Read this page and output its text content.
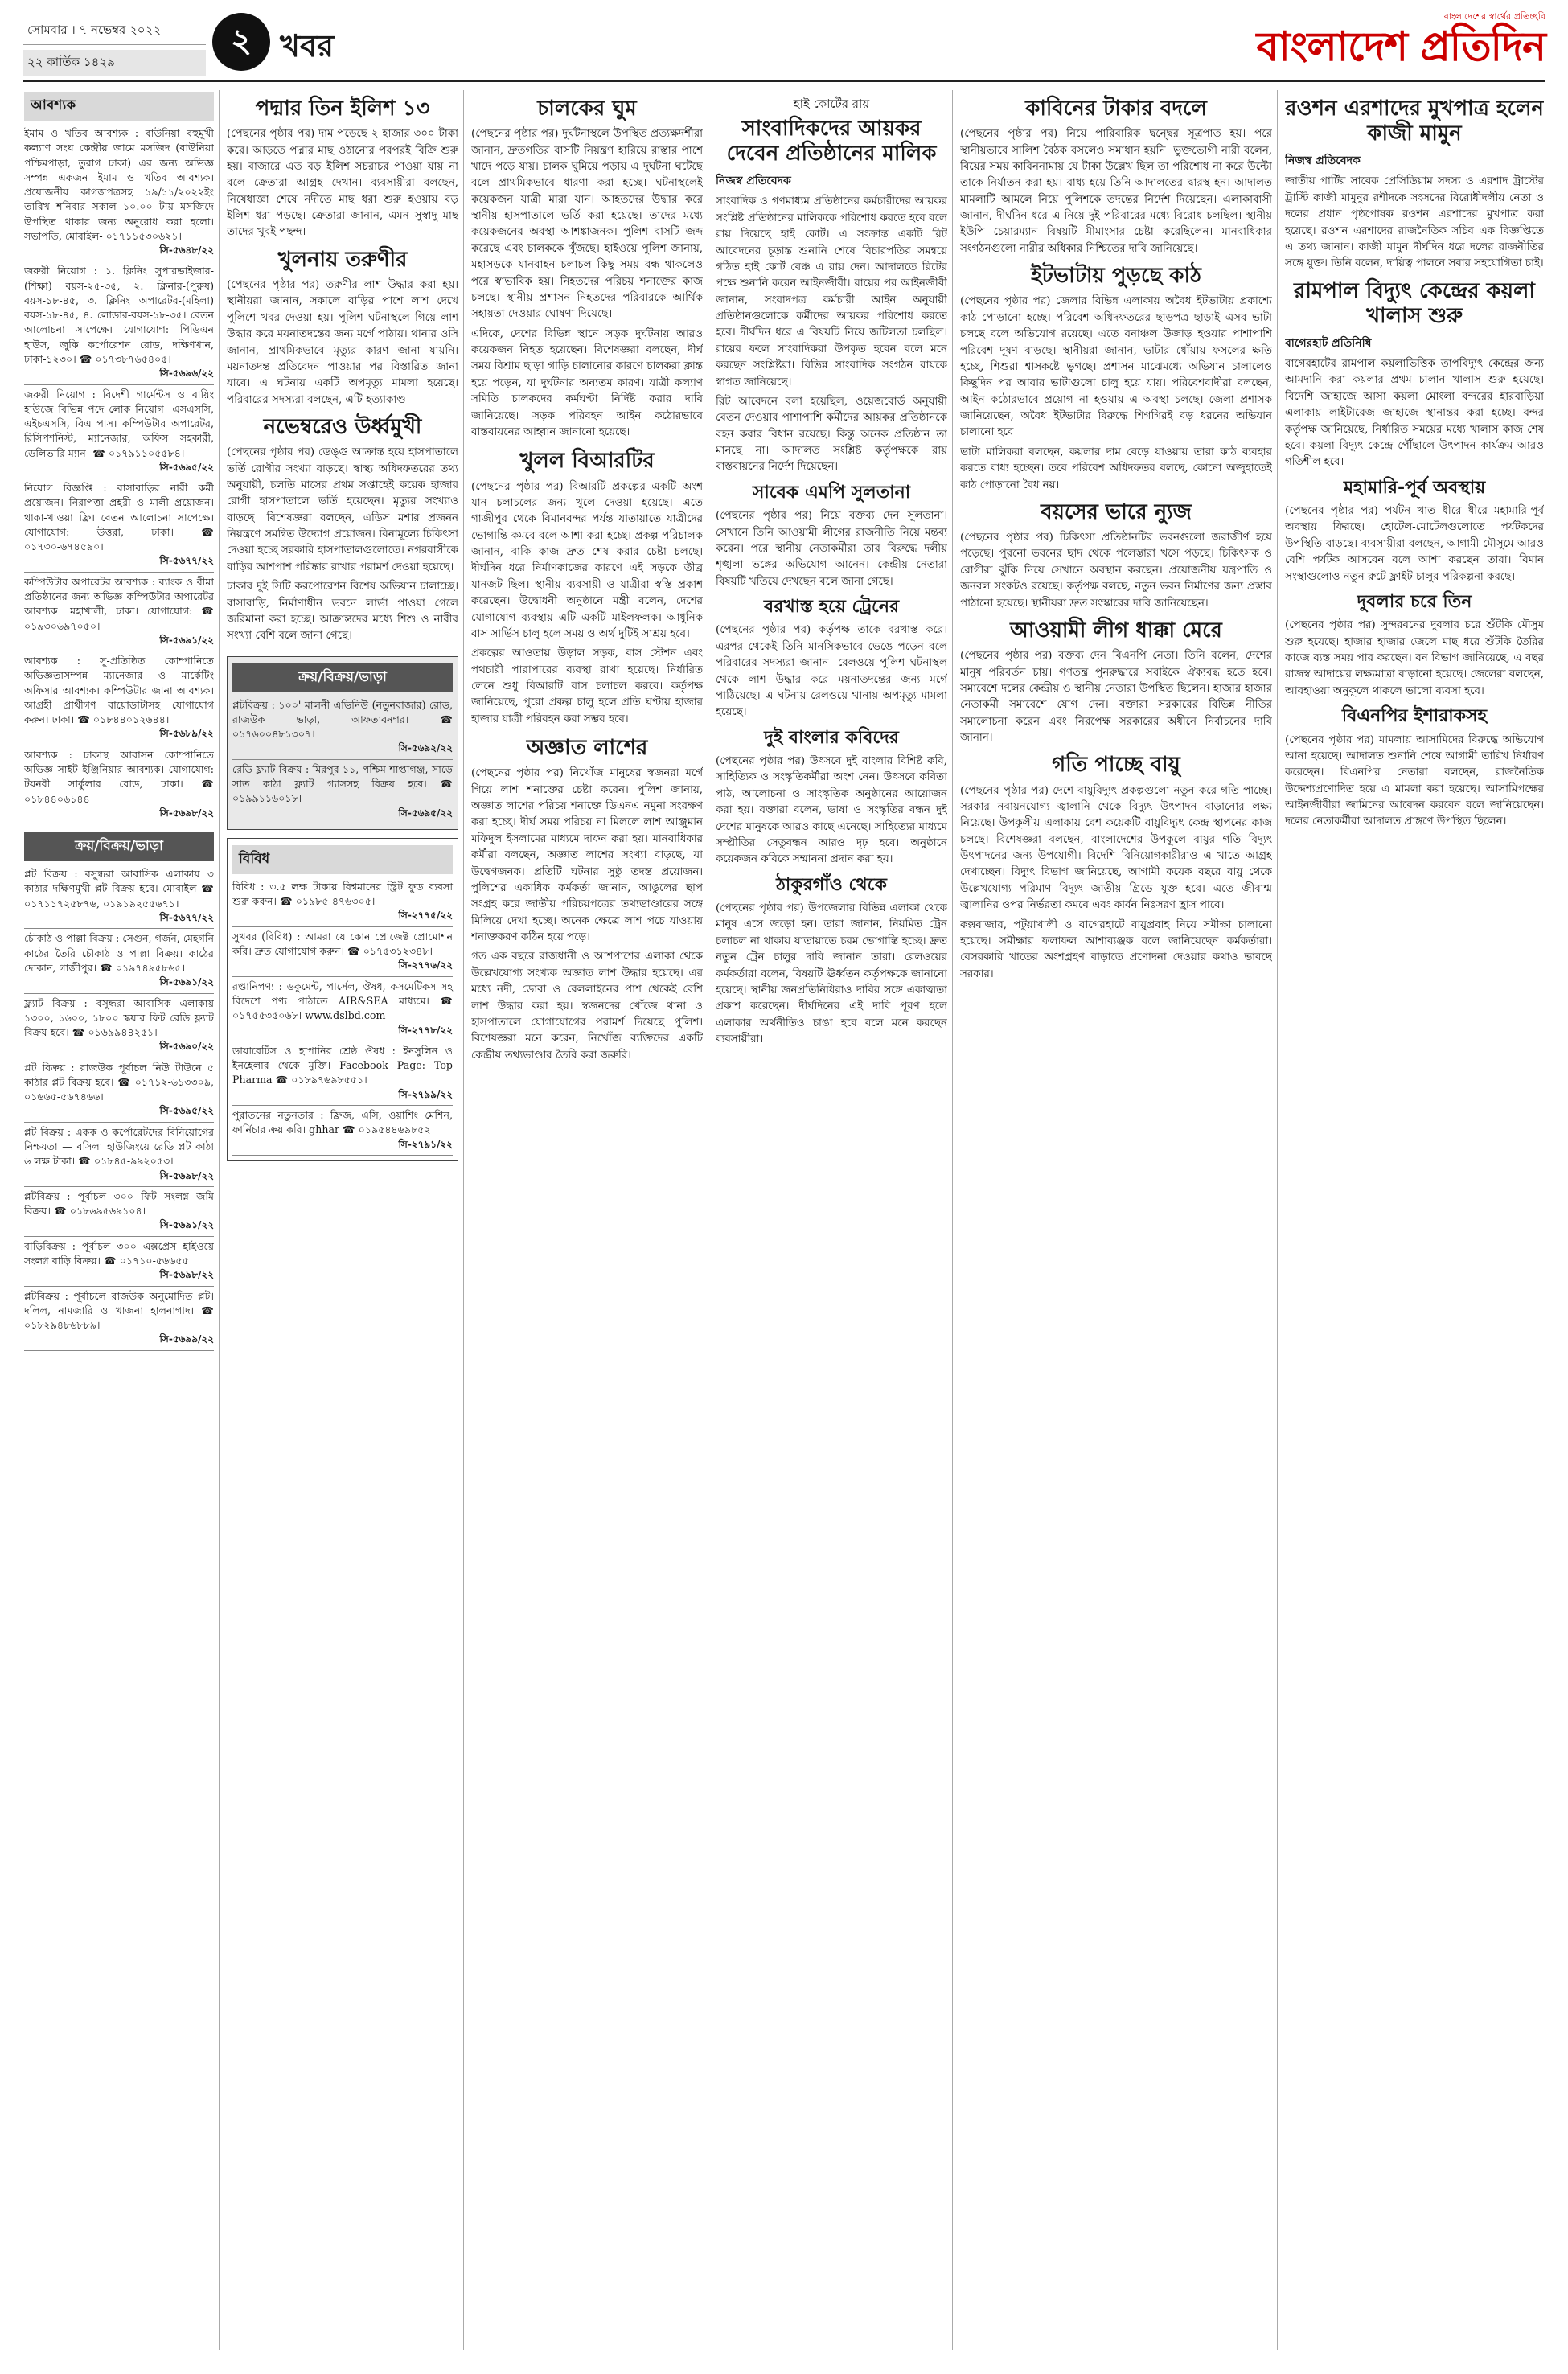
সোমবার । ৭ নভেম্বর ২০২২
২২ কার্তিক ১৪২৯
২ খবর
বাংলাদেশের স্বার্থের প্রতিচ্ছবি
বাংলাদেশ প্রতিদিন
আবশ্যক
ইমাম ও খতিব আবশ্যক : বাউনিয়া বহুমুখী কল্যাণ সংঘ কেন্দ্রীয় জামে মসজিদ (বাউনিয়া পশ্চিমপাড়া, তুরাগ ঢাকা) এর জন্য অভিজ্ঞ সম্পন্ন একজন ইমাম ও খতিব আবশ্যক। প্রয়োজনীয় কাগজপত্রসহ ১৯/১১/২০২২ইং তারিখ শনিবার সকাল ১০.০০ টায় মসজিদে উপস্থিত থাকার জন্য অনুরোধ করা হলো। সভাপতি, মোবাইল- ০১৭১১৫৩০৬২১।
সি-৫৬৪৮/২২
জরুরী নিয়োগ : ১. ক্লিনিং সুপারভাইজার-(শিক্ষা) বয়স-২৫-৩৫, ২. ক্লিনার-(পুরুষ) বয়স-১৮-৪৫, ৩. ক্লিনিং অপারেটর-(মহিলা) বয়স-১৮-৪৫, ৪. লোডার-বয়স-১৮-৩৫। বেতন আলোচনা সাপেক্ষে। যোগাযোগ: পিডিএন হাউস, জুকি কর্পোরেশন রোড, দক্ষিণখান, ঢাকা-১২৩০। ☎ ০১৭৩৮৭৬৫৪০৫।
সি-৫৬৯৬/২২
জরুরী নিয়োগ : বিদেশী গার্মেন্টস ও বায়িং হাউজে বিভিন্ন পদে লোক নিয়োগ। এসএসসি, এইচএসসি, বিএ পাস। কম্পিউটার অপারেটর, রিসিপশনিস্ট, ম্যানেজার, অফিস সহকারী, ডেলিভারি ম্যান। ☎ ০১৭৯১১০৫৫৮৪।
সি-৫৬৯৫/২২
নিয়োগ বিজ্ঞপ্তি : বাসাবাড়ির নারী কর্মী প্রয়োজন। নিরাপত্তা প্রহরী ও মালী প্রয়োজন। থাকা-খাওয়া ফ্রি। বেতন আলোচনা সাপেক্ষে। যোগাযোগ: উত্তরা, ঢাকা। ☎ ০১৭৩০-৬৭৪৫৯০।
সি-৫৬৭৭/২২
কম্পিউটার অপারেটর আবশ্যক : ব্যাংক ও বীমা প্রতিষ্ঠানের জন্য অভিজ্ঞ কম্পিউটার অপারেটর আবশ্যক। মহাখালী, ঢাকা। যোগাযোগ: ☎ ০১৯৩০৬৯৭০৫০।
সি-৫৬৯১/২২
আবশ্যক : সু-প্রতিষ্ঠিত কোম্পানিতে অভিজ্ঞতাসম্পন্ন ম্যানেজার ও মার্কেটিং অফিসার আবশ্যক। কম্পিউটার জানা আবশ্যক। আগ্রহী প্রার্থীগণ বায়োডাটাসহ যোগাযোগ করুন। ঢাকা। ☎ ০১৮৪৪০১২৬৪৪।
সি-৫৬৮৯/২২
আবশ্যক : ঢাকাস্থ আবাসন কোম্পানিতে অভিজ্ঞ সাইট ইঞ্জিনিয়ার আবশ্যক। যোগাযোগ: টয়নবী সার্কুলার রোড, ঢাকা। ☎ ০১৮৪৪০৬১৪৪।
সি-৫৬৯৮/২২
ক্রয়/বিক্রয়/ভাড়া
প্লট বিক্রয় : বসুন্ধরা আবাসিক এলাকায় ৩ কাঠার দক্ষিণমুখী প্লট বিক্রয় হবে। মোবাইল ☎ ০১৭১১৭২৫৮৭৬, ০১৯১৯২৫৫৬৭১।
সি-৫৬৭৭/২২
চৌকাঠ ও পাল্লা বিক্রয় : সেগুন, গর্জন, মেহগনি কাঠের তৈরি চৌকাঠ ও পাল্লা বিক্রয়। কাঠের দোকান, গাজীপুর। ☎ ০১৯৭৪৯৫৮৬৫।
সি-৫৬৯১/২২
ফ্ল্যাট বিক্রয় : বসুন্ধরা আবাসিক এলাকায় ১৩০০, ১৬০০, ১৮০০ স্কয়ার ফিট রেডি ফ্ল্যাট বিক্রয় হবে। ☎ ০১৬৯৯৪৪২৫১।
সি-৫৬৯০/২২
প্লট বিক্রয় : রাজউক পূর্বাচল নিউ টাউনে ৫ কাঠার প্লট বিক্রয় হবে। ☎ ০১৭১২-৬১৩৩০৯, ০১৬৬৫-৫৬৭৪৬৬।
সি-৫৬৯৫/২২
প্লট বিক্রয় : একক ও কর্পোরেটদের বিনিয়োগের নিশ্চয়তা — বসিলা হাউজিংয়ে রেডি প্লট কাঠা ৬ লক্ষ টাকা। ☎ ০১৮৪৫-৯৯২০৫৩।
সি-৫৬৯৮/২২
প্লটবিক্রয় : পূর্বাচল ৩০০ ফিট সংলগ্ন জমি বিক্রয়। ☎ ০১৮৬৯৫৬৯১০৪।
সি-৫৬৯১/২২
বাড়িবিক্রয় : পূর্বাচল ৩০০ এক্সপ্রেস হাইওয়ে সংলগ্ন বাড়ি বিক্রয়। ☎ ০১৭১০-৫৬৬৫৫।
সি-৫৬৯৮/২২
প্লটবিক্রয় : পূর্বাচলে রাজউক অনুমোদিত প্লট। দলিল, নামজারি ও খাজনা হালনাগাদ। ☎ ০১৮২৯৪৮৬৮৮৯।
সি-৫৬৯৯/২২
পদ্মার তিন ইলিশ ১৩
(পেছনের পৃষ্ঠার পর) দাম পড়েছে ২ হাজার ৩০০ টাকা করে। আড়তে পদ্মার মাছ ওঠানোর পরপরই বিক্রি শুরু হয়। বাজারে এত বড় ইলিশ সচরাচর পাওয়া যায় না বলে ক্রেতারা আগ্রহ দেখান। ব্যবসায়ীরা বলছেন, নিষেধাজ্ঞা শেষে নদীতে মাছ ধরা শুরু হওয়ায় বড় ইলিশ ধরা পড়ছে। ক্রেতারা জানান, এমন সুস্বাদু মাছ তাদের খুবই পছন্দ।
খুলনায় তরুণীর
(পেছনের পৃষ্ঠার পর) তরুণীর লাশ উদ্ধার করা হয়। স্থানীয়রা জানান, সকালে বাড়ির পাশে লাশ দেখে পুলিশে খবর দেওয়া হয়। পুলিশ ঘটনাস্থলে গিয়ে লাশ উদ্ধার করে ময়নাতদন্তের জন্য মর্গে পাঠায়। থানার ওসি জানান, প্রাথমিকভাবে মৃত্যুর কারণ জানা যায়নি। ময়নাতদন্ত প্রতিবেদন পাওয়ার পর বিস্তারিত জানা যাবে। এ ঘটনায় একটি অপমৃত্যু মামলা হয়েছে। পরিবারের সদস্যরা বলছেন, এটি হত্যাকাণ্ড।
নভেম্বরেও উর্ধ্বমুখী
(পেছনের পৃষ্ঠার পর) ডেঙ্গু আক্রান্ত হয়ে হাসপাতালে ভর্তি রোগীর সংখ্যা বাড়ছে। স্বাস্থ্য অধিদফতরের তথ্য অনুযায়ী, চলতি মাসের প্রথম সপ্তাহেই কয়েক হাজার রোগী হাসপাতালে ভর্তি হয়েছেন। মৃত্যুর সংখ্যাও বাড়ছে। বিশেষজ্ঞরা বলছেন, এডিস মশার প্রজনন নিয়ন্ত্রণে সমন্বিত উদ্যোগ প্রয়োজন। বিনামূল্যে চিকিৎসা দেওয়া হচ্ছে সরকারি হাসপাতালগুলোতে। নগরবাসীকে বাড়ির আশপাশ পরিষ্কার রাখার পরামর্শ দেওয়া হয়েছে।
ঢাকার দুই সিটি করপোরেশন বিশেষ অভিযান চালাচ্ছে। বাসাবাড়ি, নির্মাণাধীন ভবনে লার্ভা পাওয়া গেলে জরিমানা করা হচ্ছে। আক্রান্তদের মধ্যে শিশু ও নারীর সংখ্যা বেশি বলে জানা গেছে।
ক্রয়/বিক্রয়/ভাড়া
প্লটবিক্রয় : ১০০' মালনী এভিনিউ (নতুনবাজার) রোড, রাজউক ভাড়া, আফতাবনগর। ☎ ০১৭৬০০৪৮১৩০৭।
সি-৫৬৯২/২২
রেডি ফ্ল্যাট বিক্রয় : মিরপুর-১১, পশ্চিম শাপ্তাগঞ্জ, সাড়ে সাত কাঠা ফ্ল্যাট গ্যাসসহ বিক্রয় হবে। ☎ ০১৯৯১১৬০১৮।
সি-৫৬৯৫/২২
বিবিধ
বিবিধ : ৩.৫ লক্ষ টাকায় বিশ্বমানের স্ট্রিট ফুড ব্যবসা শুরু করুন। ☎ ০১৯৮৫-৪৭৬৩০৫।
সি-২৭৭৫/২২
সুখবর (বিবিধ) : আমরা যে কোন প্রোজেক্ট প্রোমোশন করি। দ্রুত যোগাযোগ করুন। ☎ ০১৭৫৩১২৩৪৮।
সি-২৭৭৬/২২
রপ্তানিপণ্য : ডকুমেন্ট, পার্সেল, ঔষধ, কসমেটিকস সহ বিদেশে পণ্য পাঠাতে AIR&SEA মাধ্যমে। ☎ ০১৭৫৫৩৫০৬৮। www.dslbd.com
সি-২৭৭৮/২২
ডায়াবেটিস ও হাপানির শ্রেষ্ঠ ঔষধ : ইনসুলিন ও ইনহেলার থেকে মুক্তি। Facebook Page: Top Pharma ☎ ০১৮৯৭৬৯৮৫৫১।
সি-২৭৯৯/২২
পুরাতনের নতুনতার : ফ্রিজ, এসি, ওয়াশিং মেশিন, ফার্নিচার ক্রয় করি। ghhar ☎ ০১৯৫৪৪৬৯৮৫২।
সি-২৭৯১/২২
চালকের ঘুম
(পেছনের পৃষ্ঠার পর) দুর্ঘটনাস্থলে উপস্থিত প্রত্যক্ষদর্শীরা জানান, দ্রুতগতির বাসটি নিয়ন্ত্রণ হারিয়ে রাস্তার পাশে খাদে পড়ে যায়। চালক ঘুমিয়ে পড়ায় এ দুর্ঘটনা ঘটেছে বলে প্রাথমিকভাবে ধারণা করা হচ্ছে। ঘটনাস্থলেই কয়েকজন যাত্রী মারা যান। আহতদের উদ্ধার করে স্থানীয় হাসপাতালে ভর্তি করা হয়েছে। তাদের মধ্যে কয়েকজনের অবস্থা আশঙ্কাজনক। পুলিশ বাসটি জব্দ করেছে এবং চালককে খুঁজছে। হাইওয়ে পুলিশ জানায়, মহাসড়কে যানবাহন চলাচল কিছু সময় বন্ধ থাকলেও পরে স্বাভাবিক হয়। নিহতদের পরিচয় শনাক্তের কাজ চলছে। স্থানীয় প্রশাসন নিহতদের পরিবারকে আর্থিক সহায়তা দেওয়ার ঘোষণা দিয়েছে।
এদিকে, দেশের বিভিন্ন স্থানে সড়ক দুর্ঘটনায় আরও কয়েকজন নিহত হয়েছেন। বিশেষজ্ঞরা বলছেন, দীর্ঘ সময় বিশ্রাম ছাড়া গাড়ি চালানোর কারণে চালকরা ক্লান্ত হয়ে পড়েন, যা দুর্ঘটনার অন্যতম কারণ। যাত্রী কল্যাণ সমিতি চালকদের কর্মঘণ্টা নির্দিষ্ট করার দাবি জানিয়েছে। সড়ক পরিবহন আইন কঠোরভাবে বাস্তবায়নের আহ্বান জানানো হয়েছে।
খুলল বিআরটির
(পেছনের পৃষ্ঠার পর) বিআরটি প্রকল্পের একটি অংশ যান চলাচলের জন্য খুলে দেওয়া হয়েছে। এতে গাজীপুর থেকে বিমানবন্দর পর্যন্ত যাতায়াতে যাত্রীদের ভোগান্তি কমবে বলে আশা করা হচ্ছে। প্রকল্প পরিচালক জানান, বাকি কাজ দ্রুত শেষ করার চেষ্টা চলছে। দীর্ঘদিন ধরে নির্মাণকাজের কারণে এই সড়কে তীব্র যানজট ছিল। স্থানীয় ব্যবসায়ী ও যাত্রীরা স্বস্তি প্রকাশ করেছেন। উদ্বোধনী অনুষ্ঠানে মন্ত্রী বলেন, দেশের যোগাযোগ ব্যবস্থায় এটি একটি মাইলফলক। আধুনিক বাস সার্ভিস চালু হলে সময় ও অর্থ দুটিই সাশ্রয় হবে।
প্রকল্পের আওতায় উড়াল সড়ক, বাস স্টেশন এবং পথচারী পারাপারের ব্যবস্থা রাখা হয়েছে। নির্ধারিত লেনে শুধু বিআরটি বাস চলাচল করবে। কর্তৃপক্ষ জানিয়েছে, পুরো প্রকল্প চালু হলে প্রতি ঘণ্টায় হাজার হাজার যাত্রী পরিবহন করা সম্ভব হবে।
অজ্ঞাত লাশের
(পেছনের পৃষ্ঠার পর) নিখোঁজ মানুষের স্বজনরা মর্গে গিয়ে লাশ শনাক্তের চেষ্টা করেন। পুলিশ জানায়, অজ্ঞাত লাশের পরিচয় শনাক্তে ডিএনএ নমুনা সংরক্ষণ করা হচ্ছে। দীর্ঘ সময় পরিচয় না মিললে লাশ আঞ্জুমান মফিদুল ইসলামের মাধ্যমে দাফন করা হয়। মানবাধিকার কর্মীরা বলছেন, অজ্ঞাত লাশের সংখ্যা বাড়ছে, যা উদ্বেগজনক। প্রতিটি ঘটনার সুষ্ঠু তদন্ত প্রয়োজন। পুলিশের একাধিক কর্মকর্তা জানান, আঙুলের ছাপ সংগ্রহ করে জাতীয় পরিচয়পত্রের তথ্যভাণ্ডারের সঙ্গে মিলিয়ে দেখা হচ্ছে। অনেক ক্ষেত্রে লাশ পচে যাওয়ায় শনাক্তকরণ কঠিন হয়ে পড়ে।
গত এক বছরে রাজধানী ও আশপাশের এলাকা থেকে উল্লেখযোগ্য সংখ্যক অজ্ঞাত লাশ উদ্ধার হয়েছে। এর মধ্যে নদী, ডোবা ও রেললাইনের পাশ থেকেই বেশি লাশ উদ্ধার করা হয়। স্বজনদের খোঁজে থানা ও হাসপাতালে যোগাযোগের পরামর্শ দিয়েছে পুলিশ। বিশেষজ্ঞরা মনে করেন, নিখোঁজ ব্যক্তিদের একটি কেন্দ্রীয় তথ্যভাণ্ডার তৈরি করা জরুরি।
হাই কোর্টের রায়
সাংবাদিকদের আয়কর দেবেন প্রতিষ্ঠানের মালিক
নিজস্ব প্রতিবেদক
সাংবাদিক ও গণমাধ্যম প্রতিষ্ঠানের কর্মচারীদের আয়কর সংশ্লিষ্ট প্রতিষ্ঠানের মালিককে পরিশোধ করতে হবে বলে রায় দিয়েছে হাই কোর্ট। এ সংক্রান্ত একটি রিট আবেদনের চূড়ান্ত শুনানি শেষে বিচারপতির সমন্বয়ে গঠিত হাই কোর্ট বেঞ্চ এ রায় দেন। আদালতে রিটের পক্ষে শুনানি করেন আইনজীবী। রায়ের পর আইনজীবী জানান, সংবাদপত্র কর্মচারী আইন অনুযায়ী প্রতিষ্ঠানগুলোকে কর্মীদের আয়কর পরিশোধ করতে হবে। দীর্ঘদিন ধরে এ বিষয়টি নিয়ে জটিলতা চলছিল। রায়ের ফলে সাংবাদিকরা উপকৃত হবেন বলে মনে করছেন সংশ্লিষ্টরা। বিভিন্ন সাংবাদিক সংগঠন রায়কে স্বাগত জানিয়েছে।
রিট আবেদনে বলা হয়েছিল, ওয়েজবোর্ড অনুযায়ী বেতন দেওয়ার পাশাপাশি কর্মীদের আয়কর প্রতিষ্ঠানকে বহন করার বিধান রয়েছে। কিন্তু অনেক প্রতিষ্ঠান তা মানছে না। আদালত সংশ্লিষ্ট কর্তৃপক্ষকে রায় বাস্তবায়নের নির্দেশ দিয়েছেন।
সাবেক এমপি সুলতানা
(পেছনের পৃষ্ঠার পর) নিয়ে বক্তব্য দেন সুলতানা। সেখানে তিনি আওয়ামী লীগের রাজনীতি নিয়ে মন্তব্য করেন। পরে স্থানীয় নেতাকর্মীরা তার বিরুদ্ধে দলীয় শৃঙ্খলা ভঙ্গের অভিযোগ আনেন। কেন্দ্রীয় নেতারা বিষয়টি খতিয়ে দেখছেন বলে জানা গেছে।
বরখাস্ত হয়ে ট্রেনের
(পেছনের পৃষ্ঠার পর) কর্তৃপক্ষ তাকে বরখাস্ত করে। এরপর থেকেই তিনি মানসিকভাবে ভেঙে পড়েন বলে পরিবারের সদস্যরা জানান। রেলওয়ে পুলিশ ঘটনাস্থল থেকে লাশ উদ্ধার করে ময়নাতদন্তের জন্য মর্গে পাঠিয়েছে। এ ঘটনায় রেলওয়ে থানায় অপমৃত্যু মামলা হয়েছে।
দুই বাংলার কবিদের
(পেছনের পৃষ্ঠার পর) উৎসবে দুই বাংলার বিশিষ্ট কবি, সাহিত্যিক ও সংস্কৃতিকর্মীরা অংশ নেন। উৎসবে কবিতা পাঠ, আলোচনা ও সাংস্কৃতিক অনুষ্ঠানের আয়োজন করা হয়। বক্তারা বলেন, ভাষা ও সংস্কৃতির বন্ধন দুই দেশের মানুষকে আরও কাছে এনেছে। সাহিত্যের মাধ্যমে সম্প্রীতির সেতুবন্ধন আরও দৃঢ় হবে। অনুষ্ঠানে কয়েকজন কবিকে সম্মাননা প্রদান করা হয়।
ঠাকুরগাঁও থেকে
(পেছনের পৃষ্ঠার পর) উপজেলার বিভিন্ন এলাকা থেকে মানুষ এসে জড়ো হন। তারা জানান, নিয়মিত ট্রেন চলাচল না থাকায় যাতায়াতে চরম ভোগান্তি হচ্ছে। দ্রুত নতুন ট্রেন চালুর দাবি জানান তারা। রেলওয়ের কর্মকর্তারা বলেন, বিষয়টি ঊর্ধ্বতন কর্তৃপক্ষকে জানানো হয়েছে। স্থানীয় জনপ্রতিনিধিরাও দাবির সঙ্গে একাত্মতা প্রকাশ করেছেন। দীর্ঘদিনের এই দাবি পূরণ হলে এলাকার অর্থনীতিও চাঙা হবে বলে মনে করছেন ব্যবসায়ীরা।
কাবিনের টাকার বদলে
(পেছনের পৃষ্ঠার পর) নিয়ে পারিবারিক দ্বন্দ্বের সূত্রপাত হয়। পরে স্থানীয়ভাবে সালিশ বৈঠক বসলেও সমাধান হয়নি। ভুক্তভোগী নারী বলেন, বিয়ের সময় কাবিননামায় যে টাকা উল্লেখ ছিল তা পরিশোধ না করে উল্টো তাকে নির্যাতন করা হয়। বাধ্য হয়ে তিনি আদালতের দ্বারস্থ হন। আদালত মামলাটি আমলে নিয়ে পুলিশকে তদন্তের নির্দেশ দিয়েছেন। এলাকাবাসী জানান, দীর্ঘদিন ধরে এ নিয়ে দুই পরিবারের মধ্যে বিরোধ চলছিল। স্থানীয় ইউপি চেয়ারম্যান বিষয়টি মীমাংসার চেষ্টা করেছিলেন। মানবাধিকার সংগঠনগুলো নারীর অধিকার নিশ্চিতের দাবি জানিয়েছে।
ইটভাটায় পুড়ছে কাঠ
(পেছনের পৃষ্ঠার পর) জেলার বিভিন্ন এলাকায় অবৈধ ইটভাটায় প্রকাশ্যে কাঠ পোড়ানো হচ্ছে। পরিবেশ অধিদফতরের ছাড়পত্র ছাড়াই এসব ভাটা চলছে বলে অভিযোগ রয়েছে। এতে বনাঞ্চল উজাড় হওয়ার পাশাপাশি পরিবেশ দূষণ বাড়ছে। স্থানীয়রা জানান, ভাটার ধোঁয়ায় ফসলের ক্ষতি হচ্ছে, শিশুরা শ্বাসকষ্টে ভুগছে। প্রশাসন মাঝেমধ্যে অভিযান চালালেও কিছুদিন পর আবার ভাটাগুলো চালু হয়ে যায়। পরিবেশবাদীরা বলছেন, আইন কঠোরভাবে প্রয়োগ না হওয়ায় এ অবস্থা চলছে। জেলা প্রশাসক জানিয়েছেন, অবৈধ ইটভাটার বিরুদ্ধে শিগগিরই বড় ধরনের অভিযান চালানো হবে।
ভাটা মালিকরা বলছেন, কয়লার দাম বেড়ে যাওয়ায় তারা কাঠ ব্যবহার করতে বাধ্য হচ্ছেন। তবে পরিবেশ অধিদফতর বলছে, কোনো অজুহাতেই কাঠ পোড়ানো বৈধ নয়।
বয়সের ভারে ন্যুজ
(পেছনের পৃষ্ঠার পর) চিকিৎসা প্রতিষ্ঠানটির ভবনগুলো জরাজীর্ণ হয়ে পড়েছে। পুরনো ভবনের ছাদ থেকে পলেস্তারা খসে পড়ছে। চিকিৎসক ও রোগীরা ঝুঁকি নিয়ে সেখানে অবস্থান করছেন। প্রয়োজনীয় যন্ত্রপাতি ও জনবল সংকটও রয়েছে। কর্তৃপক্ষ বলছে, নতুন ভবন নির্মাণের জন্য প্রস্তাব পাঠানো হয়েছে। স্থানীয়রা দ্রুত সংস্কারের দাবি জানিয়েছেন।
আওয়ামী লীগ ধাক্কা মেরে
(পেছনের পৃষ্ঠার পর) বক্তব্য দেন বিএনপি নেতা। তিনি বলেন, দেশের মানুষ পরিবর্তন চায়। গণতন্ত্র পুনরুদ্ধারে সবাইকে ঐক্যবদ্ধ হতে হবে। সমাবেশে দলের কেন্দ্রীয় ও স্থানীয় নেতারা উপস্থিত ছিলেন। হাজার হাজার নেতাকর্মী সমাবেশে যোগ দেন। বক্তারা সরকারের বিভিন্ন নীতির সমালোচনা করেন এবং নিরপেক্ষ সরকারের অধীনে নির্বাচনের দাবি জানান।
গতি পাচ্ছে বায়ু
(পেছনের পৃষ্ঠার পর) দেশে বায়ুবিদ্যুৎ প্রকল্পগুলো নতুন করে গতি পাচ্ছে। সরকার নবায়নযোগ্য জ্বালানি থেকে বিদ্যুৎ উৎপাদন বাড়ানোর লক্ষ্য নিয়েছে। উপকূলীয় এলাকায় বেশ কয়েকটি বায়ুবিদ্যুৎ কেন্দ্র স্থাপনের কাজ চলছে। বিশেষজ্ঞরা বলছেন, বাংলাদেশের উপকূলে বায়ুর গতি বিদ্যুৎ উৎপাদনের জন্য উপযোগী। বিদেশি বিনিয়োগকারীরাও এ খাতে আগ্রহ দেখাচ্ছেন। বিদ্যুৎ বিভাগ জানিয়েছে, আগামী কয়েক বছরে বায়ু থেকে উল্লেখযোগ্য পরিমাণ বিদ্যুৎ জাতীয় গ্রিডে যুক্ত হবে। এতে জীবাশ্ম জ্বালানির ওপর নির্ভরতা কমবে এবং কার্বন নিঃসরণ হ্রাস পাবে।
কক্সবাজার, পটুয়াখালী ও বাগেরহাটে বায়ুপ্রবাহ নিয়ে সমীক্ষা চালানো হয়েছে। সমীক্ষার ফলাফল আশাব্যঞ্জক বলে জানিয়েছেন কর্মকর্তারা। বেসরকারি খাতের অংশগ্রহণ বাড়াতে প্রণোদনা দেওয়ার কথাও ভাবছে সরকার।
রওশন এরশাদের মুখপাত্র হলেন কাজী মামুন
নিজস্ব প্রতিবেদক
জাতীয় পার্টির সাবেক প্রেসিডিয়াম সদস্য ও এরশাদ ট্রাস্টের ট্রাস্টি কাজী মামুনুর রশীদকে সংসদের বিরোধীদলীয় নেতা ও দলের প্রধান পৃষ্ঠপোষক রওশন এরশাদের মুখপাত্র করা হয়েছে। রওশন এরশাদের রাজনৈতিক সচিব এক বিজ্ঞপ্তিতে এ তথ্য জানান। কাজী মামুন দীর্ঘদিন ধরে দলের রাজনীতির সঙ্গে যুক্ত। তিনি বলেন, দায়িত্ব পালনে সবার সহযোগিতা চাই।
রামপাল বিদ্যুৎ কেন্দ্রের কয়লা খালাস শুরু
বাগেরহাট প্রতিনিধি
বাগেরহাটের রামপাল কয়লাভিত্তিক তাপবিদ্যুৎ কেন্দ্রের জন্য আমদানি করা কয়লার প্রথম চালান খালাস শুরু হয়েছে। বিদেশি জাহাজে আসা কয়লা মোংলা বন্দরের হারবাড়িয়া এলাকায় লাইটারেজ জাহাজে স্থানান্তর করা হচ্ছে। বন্দর কর্তৃপক্ষ জানিয়েছে, নির্ধারিত সময়ের মধ্যে খালাস কাজ শেষ হবে। কয়লা বিদ্যুৎ কেন্দ্রে পৌঁছালে উৎপাদন কার্যক্রম আরও গতিশীল হবে।
মহামারি-পূর্ব অবস্থায়
(পেছনের পৃষ্ঠার পর) পর্যটন খাত ধীরে ধীরে মহামারি-পূর্ব অবস্থায় ফিরছে। হোটেল-মোটেলগুলোতে পর্যটকদের উপস্থিতি বাড়ছে। ব্যবসায়ীরা বলছেন, আগামী মৌসুমে আরও বেশি পর্যটক আসবেন বলে আশা করছেন তারা। বিমান সংস্থাগুলোও নতুন রুটে ফ্লাইট চালুর পরিকল্পনা করছে।
দুবলার চরে তিন
(পেছনের পৃষ্ঠার পর) সুন্দরবনের দুবলার চরে শুঁটকি মৌসুম শুরু হয়েছে। হাজার হাজার জেলে মাছ ধরে শুঁটকি তৈরির কাজে ব্যস্ত সময় পার করছেন। বন বিভাগ জানিয়েছে, এ বছর রাজস্ব আদায়ের লক্ষ্যমাত্রা বাড়ানো হয়েছে। জেলেরা বলছেন, আবহাওয়া অনুকূলে থাকলে ভালো ব্যবসা হবে।
বিএনপির ইশারাকসহ
(পেছনের পৃষ্ঠার পর) মামলায় আসামিদের বিরুদ্ধে অভিযোগ আনা হয়েছে। আদালত শুনানি শেষে আগামী তারিখ নির্ধারণ করেছেন। বিএনপির নেতারা বলছেন, রাজনৈতিক উদ্দেশ্যপ্রণোদিত হয়ে এ মামলা করা হয়েছে। আসামিপক্ষের আইনজীবীরা জামিনের আবেদন করবেন বলে জানিয়েছেন। দলের নেতাকর্মীরা আদালত প্রাঙ্গণে উপস্থিত ছিলেন।
